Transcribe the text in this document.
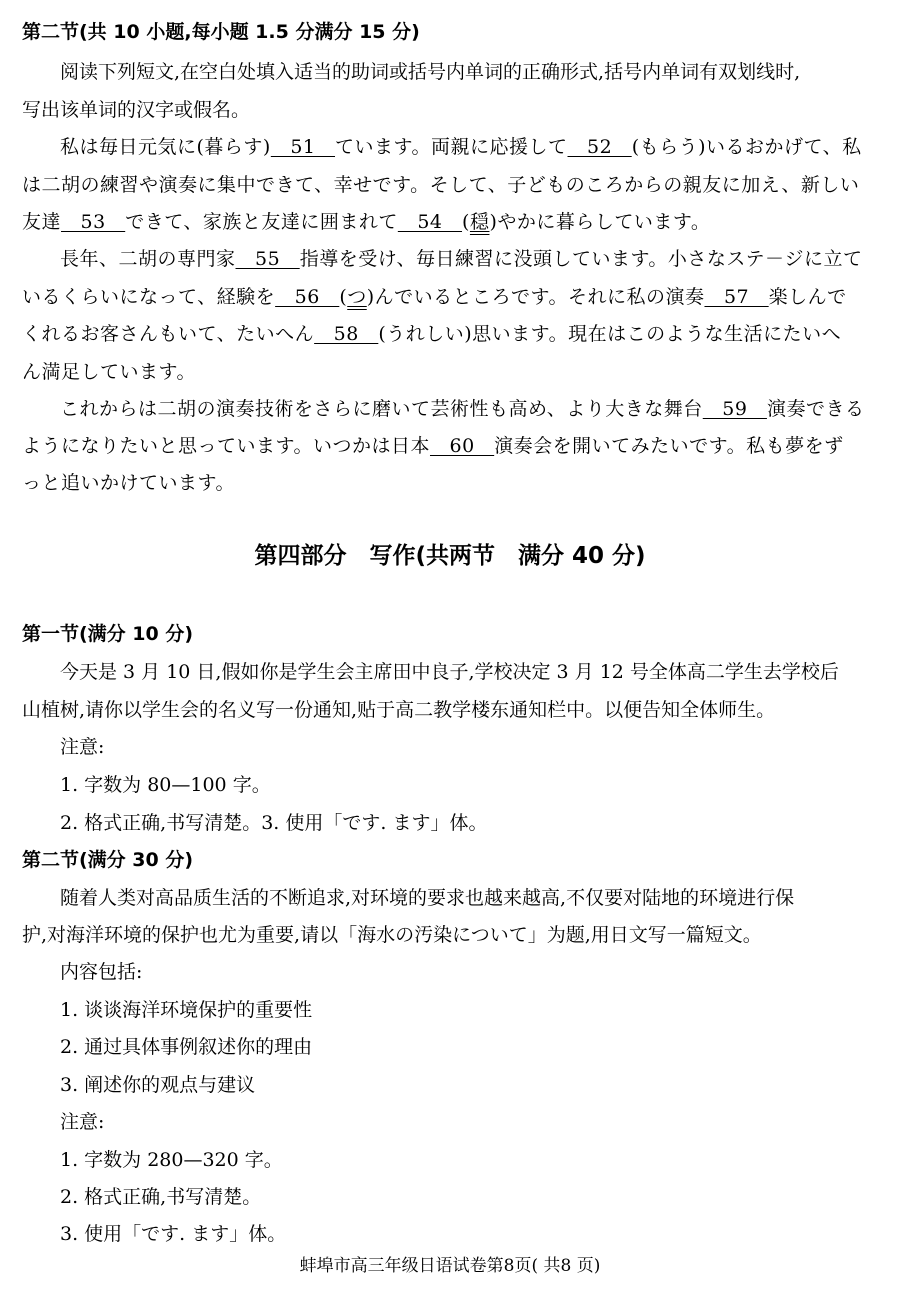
第二节(共 10 小题,每小题 1.5 分满分 15 分)
阅读下列短文,在空白处填入适当的助词或括号内单词的正确形式,括号内单词有双划线时,
写出该单词的汉字或假名。
私は毎日元気に(暮らす)　51　ています。両親に応援して　52　(もらう)いるおかげて、私
は二胡の練習や演奏に集中できて、幸せです。そして、子どものころからの親友に加え、新しい
友達　53　できて、家族と友達に囲まれて　54　(穏)やかに暮らしています。
長年、二胡の専門家　55　指導を受け、毎日練習に没頭しています。小さなステ－ジに立て
いるくらいになって、経験を　56　(つ)んでいるところです。それに私の演奏　57　楽しんで
くれるお客さんもいて、たいへん　58　(うれしい)思います。現在はこのような生活にたいへ
ん満足しています。
これからは二胡の演奏技術をさらに磨いて芸術性も高め、より大きな舞台　59　演奏できる
ようになりたいと思っています。いつかは日本　60　演奏会を開いてみたいです。私も夢をず
っと追いかけています。
第四部分　写作(共两节　满分 40 分)
第一节(满分 10 分)
今天是 3 月 10 日,假如你是学生会主席田中良子,学校决定 3 月 12 号全体高二学生去学校后
山植树,请你以学生会的名义写一份通知,贴于高二教学楼东通知栏中。以便告知全体师生。
注意:
1. 字数为 80—100 字。
2. 格式正确,书写清楚。3. 使用「です. ます」体。
第二节(满分 30 分)
随着人类对高品质生活的不断追求,对环境的要求也越来越高,不仅要对陆地的环境进行保
护,对海洋环境的保护也尤为重要,请以「海水の汚染について」为题,用日文写一篇短文。
内容包括:
1. 谈谈海洋环境保护的重要性
2. 通过具体事例叙述你的理由
3. 阐述你的观点与建议
注意:
1. 字数为 280—320 字。
2. 格式正确,书写清楚。
3. 使用「です. ます」体。
蚌埠市高三年级日语试卷第8页( 共8 页)
